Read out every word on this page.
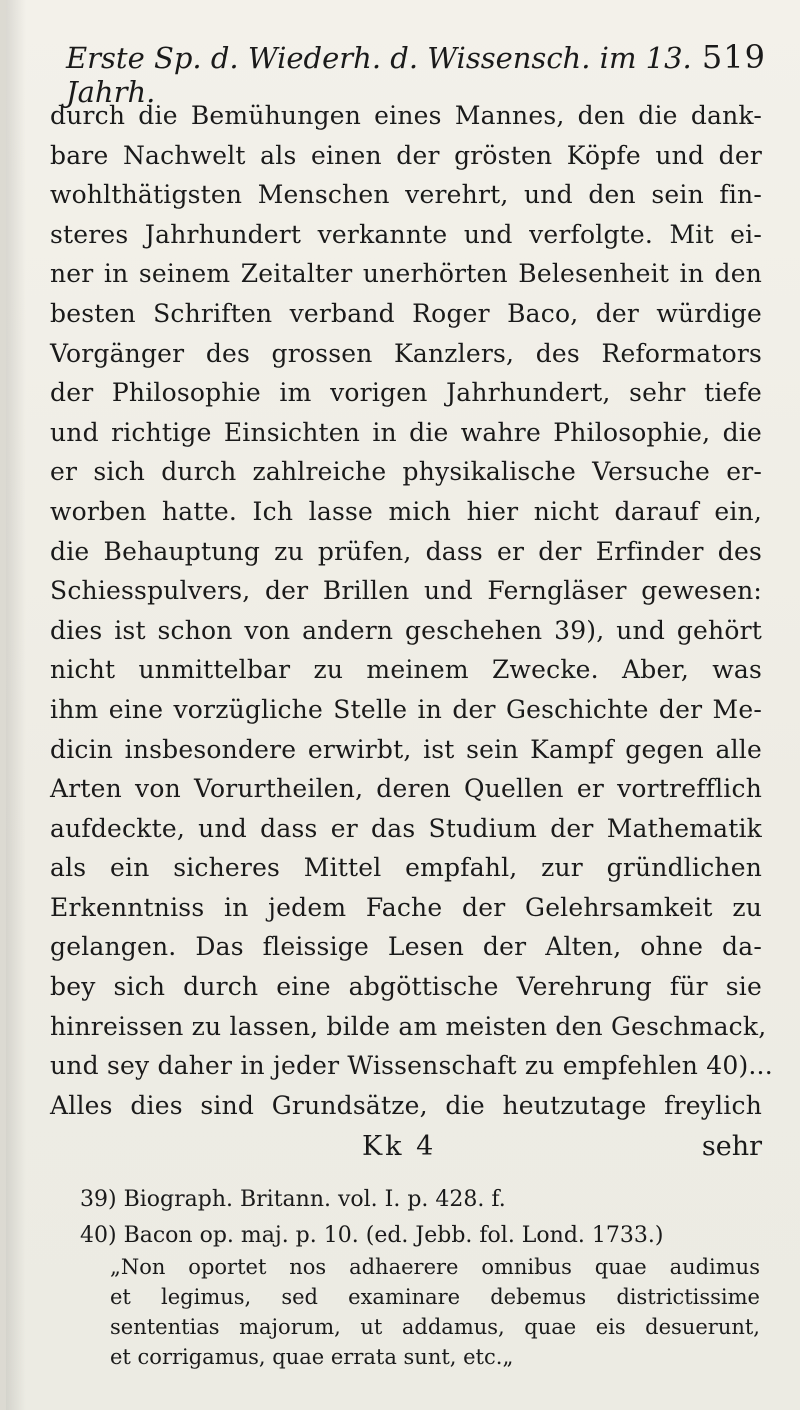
Erste Sp. d. Wiederh. d. Wissensch. im 13. Jahrh.
519
durch die Bemühungen eines Mannes, den die dank-
bare Nachwelt als einen der grösten Köpfe und der
wohlthätigsten Menschen verehrt, und den sein fin-
steres Jahrhundert verkannte und verfolgte. Mit ei-
ner in seinem Zeitalter unerhörten Belesenheit in den
besten Schriften verband Roger Baco, der würdige
Vorgänger des grossen Kanzlers, des Reformators
der Philosophie im vorigen Jahrhundert, sehr tiefe
und richtige Einsichten in die wahre Philosophie, die
er sich durch zahlreiche physikalische Versuche er-
worben hatte. Ich lasse mich hier nicht darauf ein,
die Behauptung zu prüfen, dass er der Erfinder des
Schiesspulvers, der Brillen und Ferngläser gewesen:
dies ist schon von andern geschehen 39), und gehört
nicht unmittelbar zu meinem Zwecke. Aber, was
ihm eine vorzügliche Stelle in der Geschichte der Me-
dicin insbesondere erwirbt, ist sein Kampf gegen alle
Arten von Vorurtheilen, deren Quellen er vortrefflich
aufdeckte, und dass er das Studium der Mathematik
als ein sicheres Mittel empfahl, zur gründlichen
Erkenntniss in jedem Fache der Gelehrsamkeit zu
gelangen. Das fleissige Lesen der Alten, ohne da-
bey sich durch eine abgöttische Verehrung für sie
hinreissen zu lassen, bilde am meisten den Geschmack,
und sey daher in jeder Wissenschaft zu empfehlen 40)...
Alles dies sind Grundsätze, die heutzutage freylich
Kk 4	sehr
39) Biograph. Britann. vol. I. p. 428. f.
40) Bacon op. maj. p. 10. (ed. Jebb. fol. Lond. 1733.)
„Non oportet nos adhaerere omnibus quae audimus
et legimus, sed examinare debemus districtissime
sententias majorum, ut addamus, quae eis desuerunt,
et corrigamus, quae errata sunt, etc.„
